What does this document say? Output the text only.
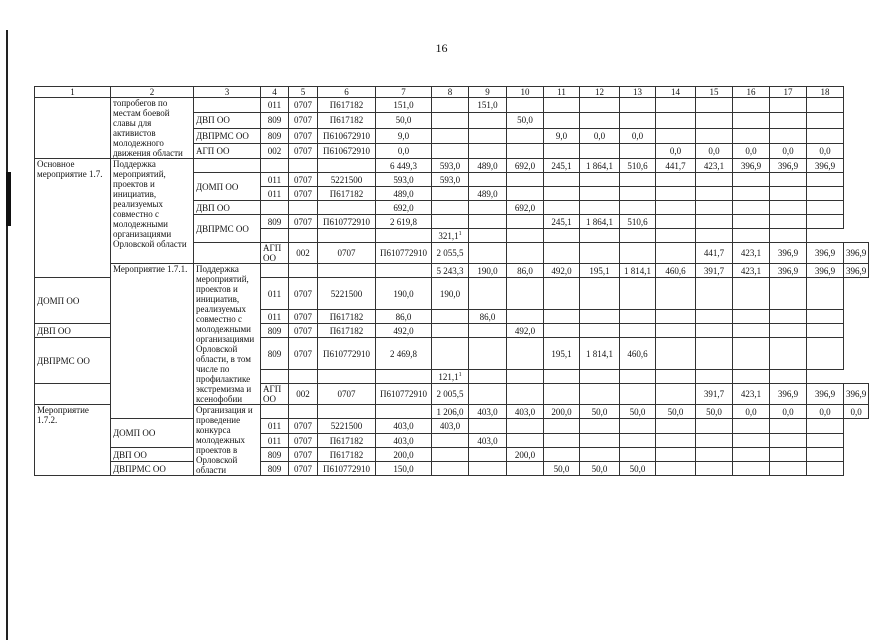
16
1	2	3	4	5	6	7	8	9	10	11	12	13	14	15	16	17	18	
	топробегов по местам боевой славы для активистов молодежного движения области		011	0707	П617182	151,0		151,0										
		ДВП ОО	809	0707	П617182	50,0			50,0									
		ДВПРМС ОО	809	0707	П610672910	9,0				9,0	0,0	0,0						
		АГП ОО	002	0707	П610672910	0,0							0,0	0,0	0,0	0,0	0,0	
Основное мероприятие 1.7.	Поддержка мероприятий, проектов и инициатив, реализуемых совместно с молодежными организациями Орловской области					6 449,3	593,0	489,0	692,0	245,1	1 864,1	510,6	441,7	423,1	396,9	396,9	396,9	
		ДОМП ОО	011	0707	5221500	593,0	593,0											
			011	0707	П617182	489,0		489,0										
		ДВП ОО				692,0			692,0									
		ДВПРМС ОО	809	0707	П610772910	2 619,8				245,1	1 864,1	510,6						
							321,1$^1$									
			АГП ОО	002	0707	П610772910	2 055,5							441,7	423,1	396,9	396,9	396,9
	Мероприятие 1.7.1.	Поддержка мероприятий, проектов и инициатив, реализуемых совместно с молодежными организациями Орловской области, в том числе по профилактике экстремизма и ксенофобии					5 243,3	190,0	86,0	492,0	195,1	1 814,1	460,6	391,7	423,1	396,9	396,9	396,9
ДОМП ОО			011	0707	5221500	190,0	190,0											
			011	0707	П617182	86,0		86,0										
ДВП ОО			809	0707	П617182	492,0			492,0									
ДВПРМС ОО			809	0707	П610772910	2 469,8				195,1	1 814,1	460,6						
							121,1$^1$									
			АГП ОО	002	0707	П610772910	2 005,5							391,7	423,1	396,9	396,9	396,9
Мероприятие 1.7.2.		Организация и проведение конкурса молодежных проектов в Орловской области					1 206,0	403,0	403,0	200,0	50,0	50,0	50,0	50,0	0,0	0,0	0,0	0,0
	ДОМП ОО		011	0707	5221500	403,0	403,0											
			011	0707	П617182	403,0		403,0										
	ДВП ОО		809	0707	П617182	200,0			200,0									
	ДВПРМС ОО		809	0707	П610772910	150,0				50,0	50,0	50,0						
